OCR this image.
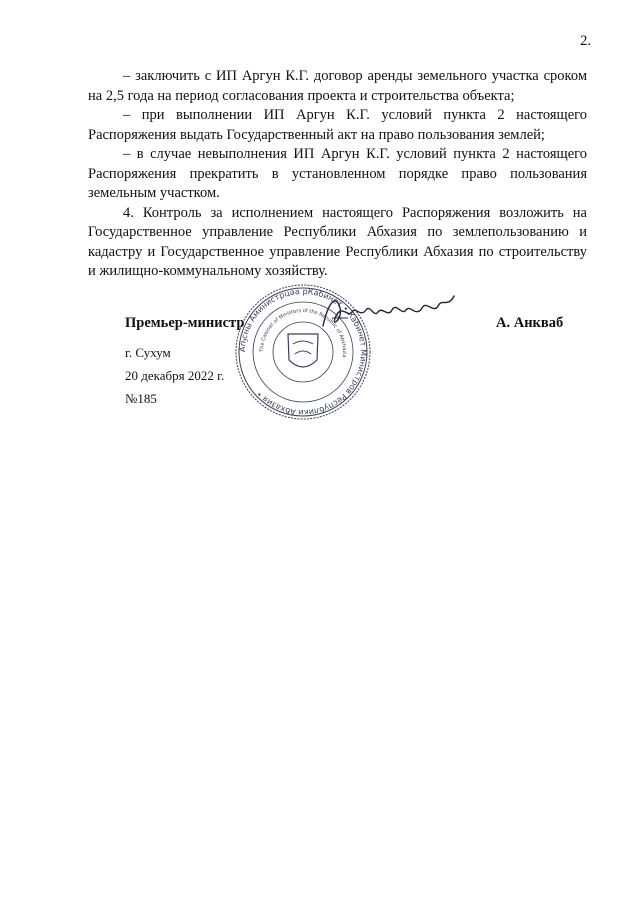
2.

– заключить с ИП Аргун К.Г. договор аренды земельного участка сроком на 2,5 года на период согласования проекта и строительства объекта;

– при выполнении ИП Аргун К.Г. условий пункта 2 настоящего Распоряжения выдать Государственный акт на право пользования землей;

– в случае невыполнения ИП Аргун К.Г. условий пункта 2 настоящего Распоряжения прекратить в установленном порядке право пользования земельным участком.

4. Контроль за исполнением настоящего Распоряжения возложить на Государственное управление Республики Абхазия по землепользованию и кадастру и Государственное управление Республики Абхазия по строительству и жилищно-коммунальному хозяйству.

Аҧсны Аминистрцәа рКабинет • Кабинет Министров Республики Абхазия •
The Cabinet of Ministers of the Republic of Abkhazia
Премьер-министр	А. Анкваб
г. Сухум
20 декабря 2022 г.
№185
